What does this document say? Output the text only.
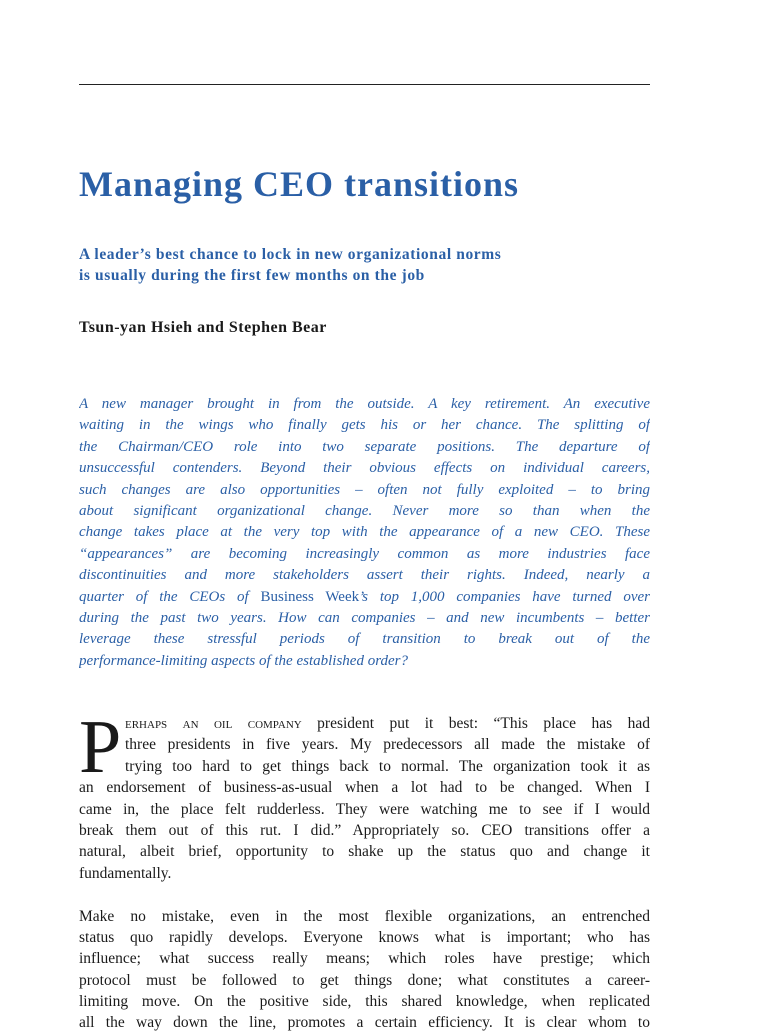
Managing CEO transitions
A leader’s best chance to lock in new organizational norms
is usually during the first few months on the job
Tsun-yan Hsieh and Stephen Bear
A new manager brought in from the outside. A key retirement. An executive
waiting in the wings who finally gets his or her chance. The splitting of
the Chairman/CEO role into two separate positions. The departure of
unsuccessful contenders. Beyond their obvious effects on individual careers,
such changes are also opportunities – often not fully exploited – to bring
about significant organizational change. Never more so than when the
change takes place at the very top with the appearance of a new CEO. These
“appearances” are becoming increasingly common as more industries face
discontinuities and more stakeholders assert their rights. Indeed, nearly a
quarter of the CEOs of Business Week’s top 1,000 companies have turned over
during the past two years. How can companies – and new incumbents – better
leverage these stressful periods of transition to break out of the
performance-limiting aspects of the established order?
P erhaps an oil company president put it best: “This place has had
three presidents in five years. My predecessors all made the mistake of
trying too hard to get things back to normal. The organization took it as
an endorsement of business-as-usual when a lot had to be changed. When I
came in, the place felt rudderless. They were watching me to see if I would
break them out of this rut. I did.” Appropriately so. CEO transitions offer a
natural, albeit brief, opportunity to shake up the status quo and change it
fundamentally.
Make no mistake, even in the most flexible organizations, an entrenched
status quo rapidly develops. Everyone knows what is important; who has
influence; what success really means; which roles have prestige; which
protocol must be followed to get things done; what constitutes a career-
limiting move. On the positive side, this shared knowledge, when replicated
all the way down the line, promotes a certain efficiency. It is clear whom to
